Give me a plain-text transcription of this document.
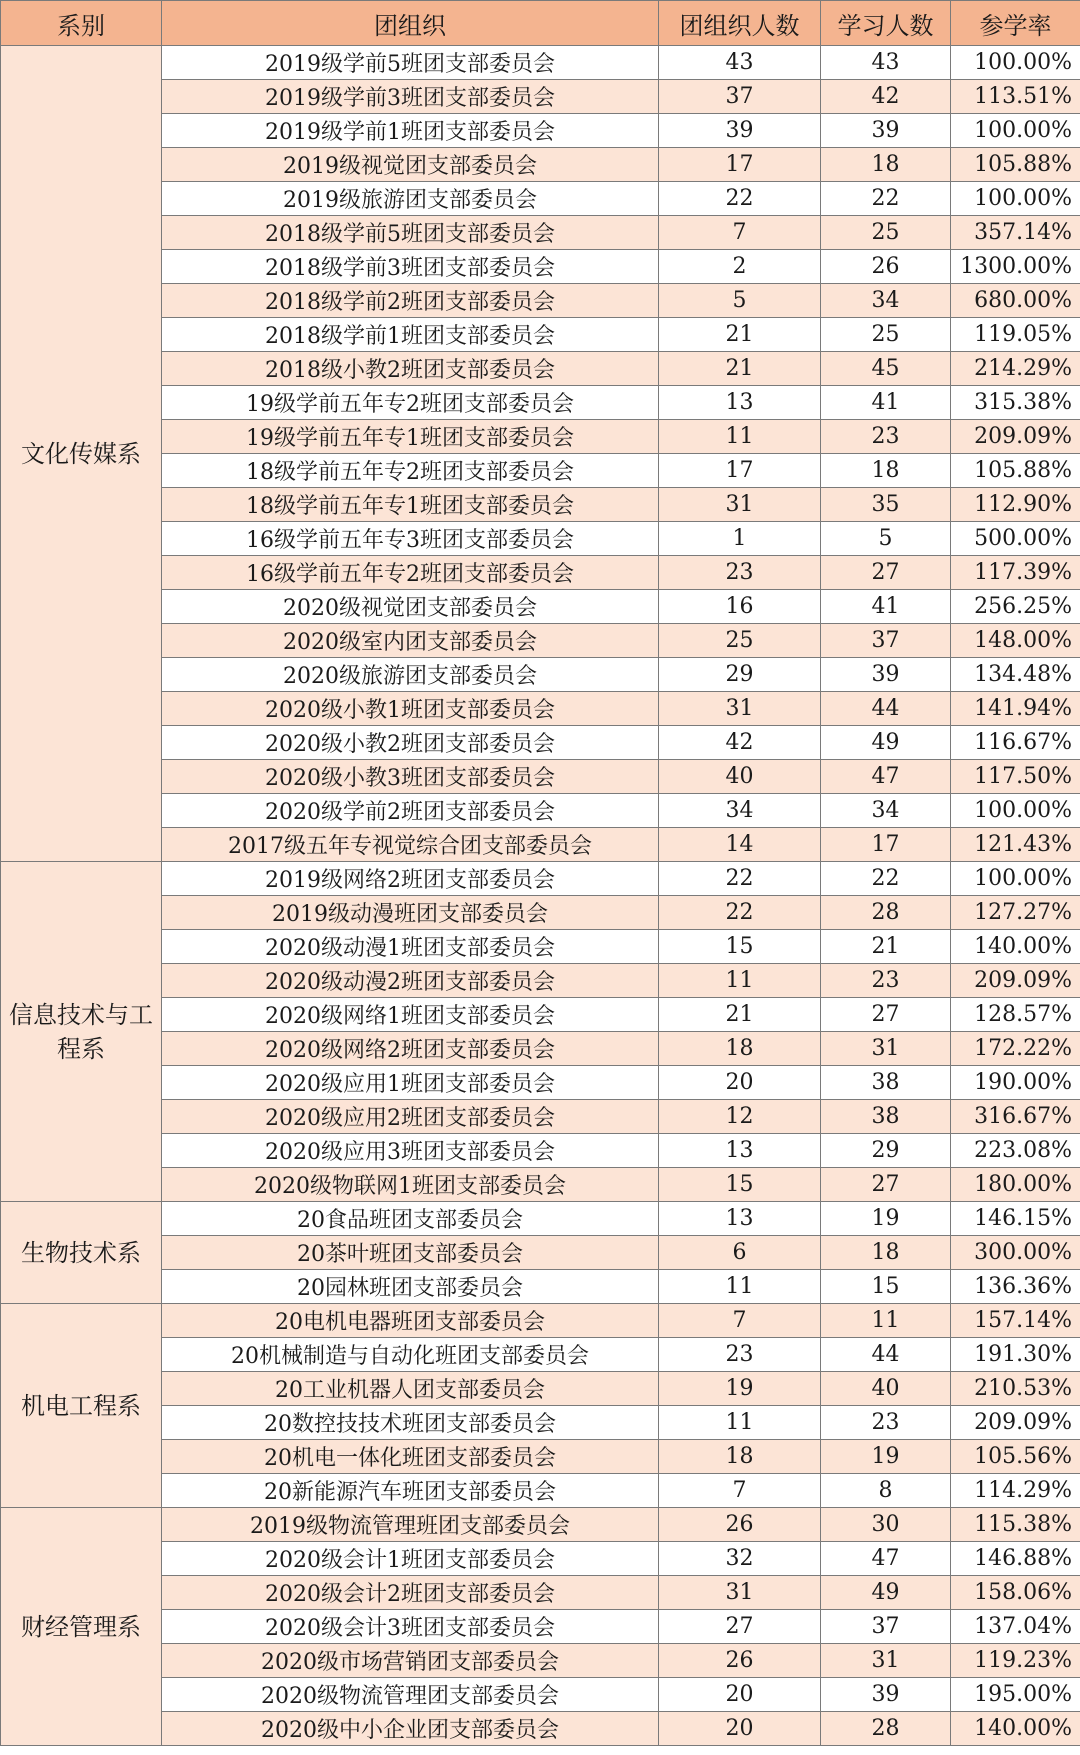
系别	团组织	团组织人数	学习人数	参学率
文化传媒系	2019级学前5班团支部委员会	43	43	100.00%
	2019级学前3班团支部委员会	37	42	113.51%
	2019级学前1班团支部委员会	39	39	100.00%
	2019级视觉团支部委员会	17	18	105.88%
	2019级旅游团支部委员会	22	22	100.00%
	2018级学前5班团支部委员会	7	25	357.14%
	2018级学前3班团支部委员会	2	26	1300.00%
	2018级学前2班团支部委员会	5	34	680.00%
	2018级学前1班团支部委员会	21	25	119.05%
	2018级小教2班团支部委员会	21	45	214.29%
	19级学前五年专2班团支部委员会	13	41	315.38%
	19级学前五年专1班团支部委员会	11	23	209.09%
	18级学前五年专2班团支部委员会	17	18	105.88%
	18级学前五年专1班团支部委员会	31	35	112.90%
	16级学前五年专3班团支部委员会	1	5	500.00%
	16级学前五年专2班团支部委员会	23	27	117.39%
	2020级视觉团支部委员会	16	41	256.25%
	2020级室内团支部委员会	25	37	148.00%
	2020级旅游团支部委员会	29	39	134.48%
	2020级小教1班团支部委员会	31	44	141.94%
	2020级小教2班团支部委员会	42	49	116.67%
	2020级小教3班团支部委员会	40	47	117.50%
	2020级学前2班团支部委员会	34	34	100.00%
	2017级五年专视觉综合团支部委员会	14	17	121.43%
信息技术与工程系	2019级网络2班团支部委员会	22	22	100.00%
	2019级动漫班团支部委员会	22	28	127.27%
	2020级动漫1班团支部委员会	15	21	140.00%
	2020级动漫2班团支部委员会	11	23	209.09%
	2020级网络1班团支部委员会	21	27	128.57%
	2020级网络2班团支部委员会	18	31	172.22%
	2020级应用1班团支部委员会	20	38	190.00%
	2020级应用2班团支部委员会	12	38	316.67%
	2020级应用3班团支部委员会	13	29	223.08%
	2020级物联网1班团支部委员会	15	27	180.00%
生物技术系	20食品班团支部委员会	13	19	146.15%
	20茶叶班团支部委员会	6	18	300.00%
	20园林班团支部委员会	11	15	136.36%
机电工程系	20电机电器班团支部委员会	7	11	157.14%
	20机械制造与自动化班团支部委员会	23	44	191.30%
	20工业机器人团支部委员会	19	40	210.53%
	20数控技技术班团支部委员会	11	23	209.09%
	20机电一体化班团支部委员会	18	19	105.56%
	20新能源汽车班团支部委员会	7	8	114.29%
财经管理系	2019级物流管理班团支部委员会	26	30	115.38%
	2020级会计1班团支部委员会	32	47	146.88%
	2020级会计2班团支部委员会	31	49	158.06%
	2020级会计3班团支部委员会	27	37	137.04%
	2020级市场营销团支部委员会	26	31	119.23%
	2020级物流管理团支部委员会	20	39	195.00%
	2020级中小企业团支部委员会	20	28	140.00%
